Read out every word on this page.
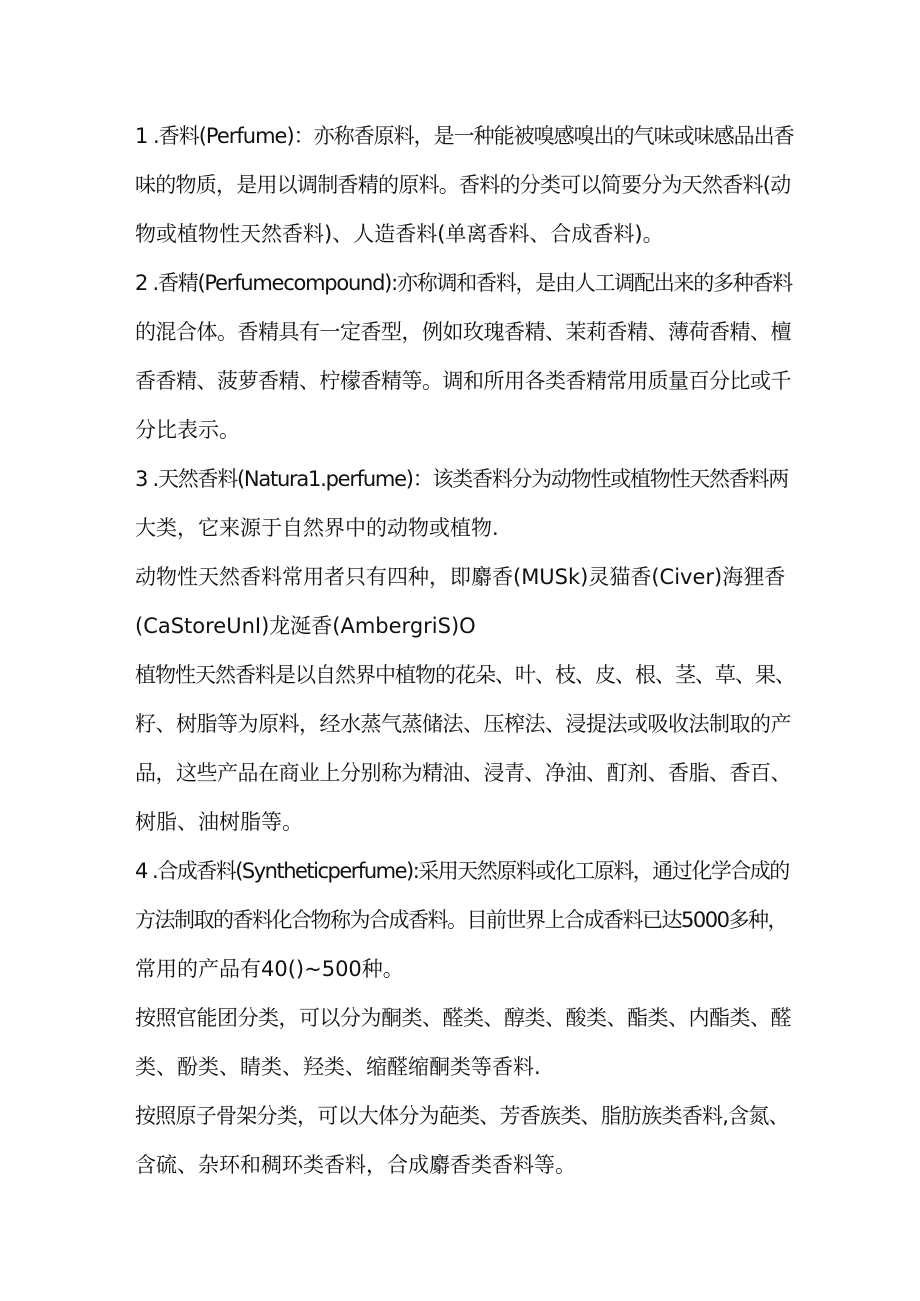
1 .香料(Perfume)：亦称香原料，是一种能被嗅感嗅出的气味或味感品出香
味的物质，是用以调制香精的原料。香料的分类可以简要分为天然香料(动
物或植物性天然香料)、人造香料(单离香料、合成香料)。
2 .香精(Perfumecompound):亦称调和香料，是由人工调配出来的多种香料
的混合体。香精具有一定香型，例如玫瑰香精、茉莉香精、薄荷香精、檀
香香精、菠萝香精、柠檬香精等。调和所用各类香精常用质量百分比或千
分比表示。
3 .天然香料(Natura1.perfume)：该类香料分为动物性或植物性天然香料两
大类，它来源于自然界中的动物或植物.
动物性天然香料常用者只有四种，即麝香(MUSk)灵猫香(Civer)海狸香
(CaStoreUnI)龙涎香(AmbergriS)O
植物性天然香料是以自然界中植物的花朵、叶、枝、皮、根、茎、草、果、
籽、树脂等为原料，经水蒸气蒸储法、压榨法、浸提法或吸收法制取的产
品，这些产品在商业上分别称为精油、浸青、净油、酊剂、香脂、香百、
树脂、油树脂等。
4 .合成香料(Syntheticperfume):采用天然原料或化工原料，通过化学合成的
方法制取的香料化合物称为合成香料。目前世界上合成香料已达5000多种，
常用的产品有40()~500种。
按照官能团分类，可以分为酮类、醛类、醇类、酸类、酯类、内酯类、醛
类、酚类、睛类、羟类、缩醛缩酮类等香料.
按照原子骨架分类，可以大体分为葩类、芳香族类、脂肪族类香料,含氮、
含硫、杂环和稠环类香料，合成麝香类香料等。
